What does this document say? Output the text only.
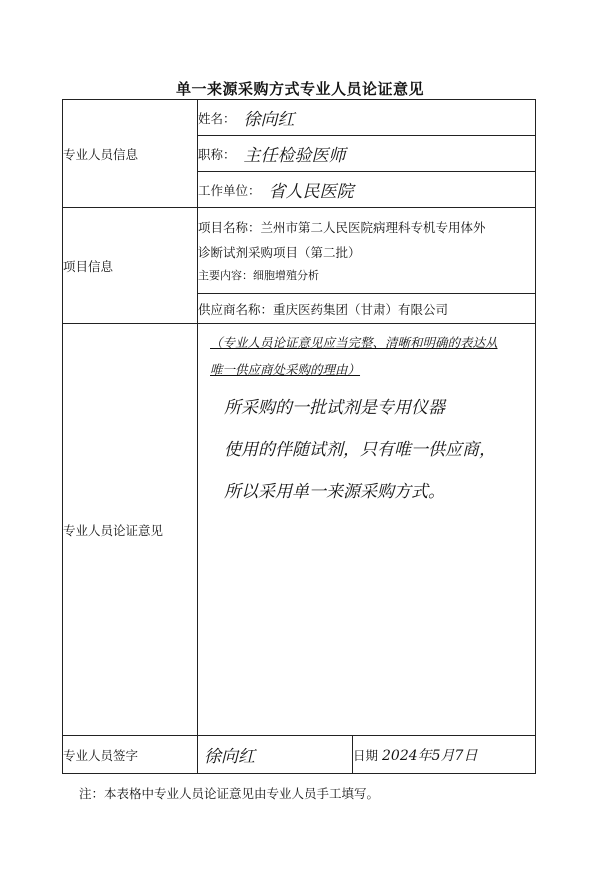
单一来源采购方式专业人员论证意见
专业人员信息	姓名： 徐向红	

	职称： 主任检验医师	

	工作单位： 省人民医院	

项目信息	项目名称：兰州市第二人民医院病理科专机专用体外
诊断试剂采购项目（第二批）
主要内容：细胞增殖分析	

	供应商名称：重庆医药集团（甘肃）有限公司	
专业人员论证意见	（专业人员论证意见应当完整、清晰和明确的表达从
唯一供应商处采购的理由）
所采购的一批试剂是专用仪器
使用的伴随试剂，只有唯一供应商，
所以采用单一来源采购方式。	

专业人员签字	徐向红	日期 2024年5月7日
注：本表格中专业人员论证意见由专业人员手工填写。
